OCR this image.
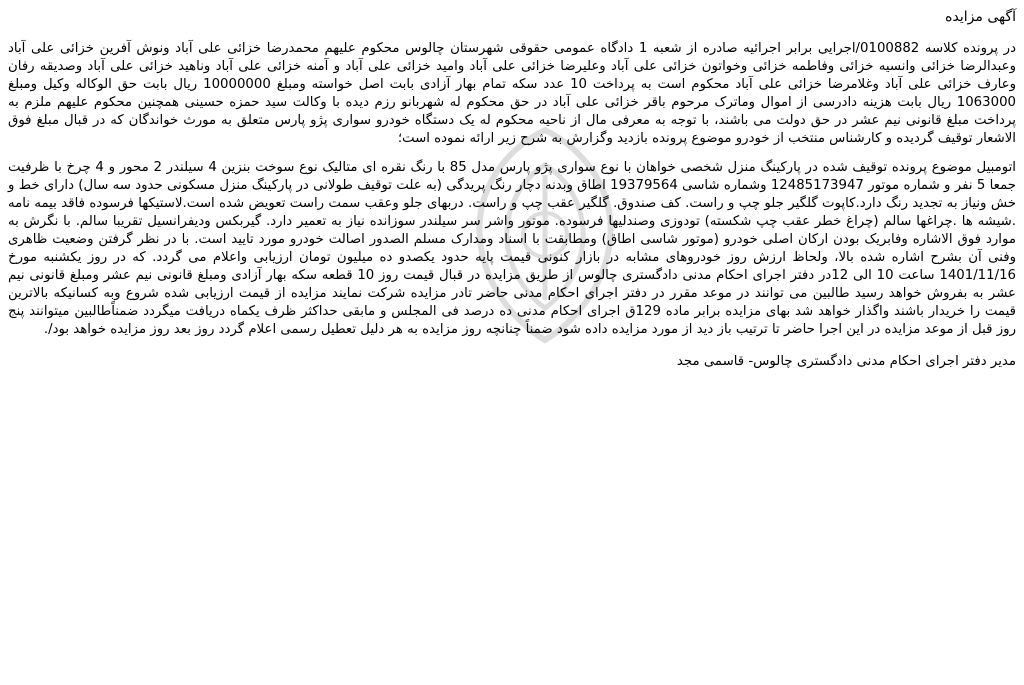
آگهی مزایده

در پرونده کلاسه 0100882/اجرایی برابر اجرائیه صادره از شعبه 1 دادگاه عمومی حقوقی شهرستان چالوس محکوم علیهم محمدرضا خزائی علی آباد ونوش آفرین خزائی علی آباد وعبدالرضا خزائی وانسیه خزائی وفاطمه خزائی وخواتون خزائی علی آباد وعلیرضا خزائی علی آباد وامید خزائی علی آباد و آمنه خزائی علی آباد وناهید خزائی علی آباد وصدیقه رفان وعارف خزائی علی آباد وغلامرضا خزائی علی آباد محکوم است به پرداخت 10 عدد سکه تمام بهار آزادی بابت اصل خواسته ومبلغ 10000000 ریال بابت حق الوکاله وکیل ومبلغ 1063000 ریال بابت هزینه دادرسی از اموال وماترک مرحوم باقر خزائی علی آباد در حق محکوم له شهربانو رزم دیده با وکالت سید حمزه حسینی همچنین محکوم علیهم ملزم به پرداخت مبلغ قانونی نیم عشر در حق دولت می باشند، با توجه به معرفی مال از ناحیه محکوم له یک دستگاه خودرو سواری پژو پارس متعلق به مورث خواندگان که در قبال مبلغ فوق الاشعار توقیف گردیده و کارشناس منتخب از خودرو موضوع پرونده بازدید وگزارش به شرح زیر ارائه نموده است؛

اتومبیل موضوع پرونده توقیف شده در پارکینگ منزل شخصی خواهان با نوع سواری پژو پارس مدل 85 با رنگ نقره ای متالیک نوع سوخت بنزین 4 سیلندر 2 محور و 4 چرخ با ظرفیت جمعا 5 نفر و شماره موتور 12485173947 وشماره شاسی 19379564 اطاق وبدنه دچار رنگ پریدگی (به علت توقیف طولانی در پارکینگ منزل مسکونی حدود سه سال) دارای خط و خش ونیاز به تجدید رنگ دارد.کاپوت گلگیر جلو چپ و راست. کف صندوق. گلگیر عقب چپ و راست. دربهای جلو وعقب سمت راست تعویض شده است.لاستیکها فرسوده فاقد بیمه نامه .شیشه ها .چراغها سالم (چراغ خطر عقب چپ شکسته) تودوزی وصندلیها فرسوده. موتور واشر سر سیلندر سوزانده نیاز به تعمیر دارد. گیربکس ودیفرانسیل تقریبا سالم. با نگرش به موارد فوق الاشاره وفابریک بودن ارکان اصلی خودرو (موتور شاسی اطاق) ومطابقت با اسناد ومدارک مسلم الصدور اصالت خودرو مورد تایید است. با در نظر گرفتن وضعیت ظاهری وفنی آن بشرح اشاره شده بالا، ولحاظ ارزش روز خودروهای مشابه در بازار کنونی قیمت پایه حدود یکصدو ده میلیون تومان ارزیابی واعلام می گردد. که در روز یکشنبه مورخ 1401/11/16 ساعت 10 الی 12در دفتر اجرای احکام مدنی دادگستری چالوس از طریق مزایده در قبال قیمت روز 10 قطعه سکه بهار آزادی ومبلغ قانونی نیم عشر ومبلغ قانونی نیم عشر به بفروش خواهد رسید طالبین می توانند در موعد مقرر در دفتر اجرای احکام مدنی حاضر تادر مزایده شرکت نمایند مزایده از قیمت ارزیابی شده شروع وبه کسانیکه بالاترین قیمت را خریدار باشند واگذار خواهد شد بهای مزایده برابر ماده 129ق اجرای احکام مدنی ده درصد فی المجلس و مابقی حداکثر ظرف یکماه دریافت میگردد ضمناًطالبین میتوانند پنج روز قبل از موعد مزایده در این اجرا حاضر تا ترتیب باز دید از مورد مزایده داده شود ضمناً چنانچه روز مزایده به هر دلیل تعطیل رسمی اعلام گردد روز بعد روز مزایده خواهد بود/.

مدیر دفتر اجرای احکام مدنی دادگستری چالوس- قاسمی مجد
